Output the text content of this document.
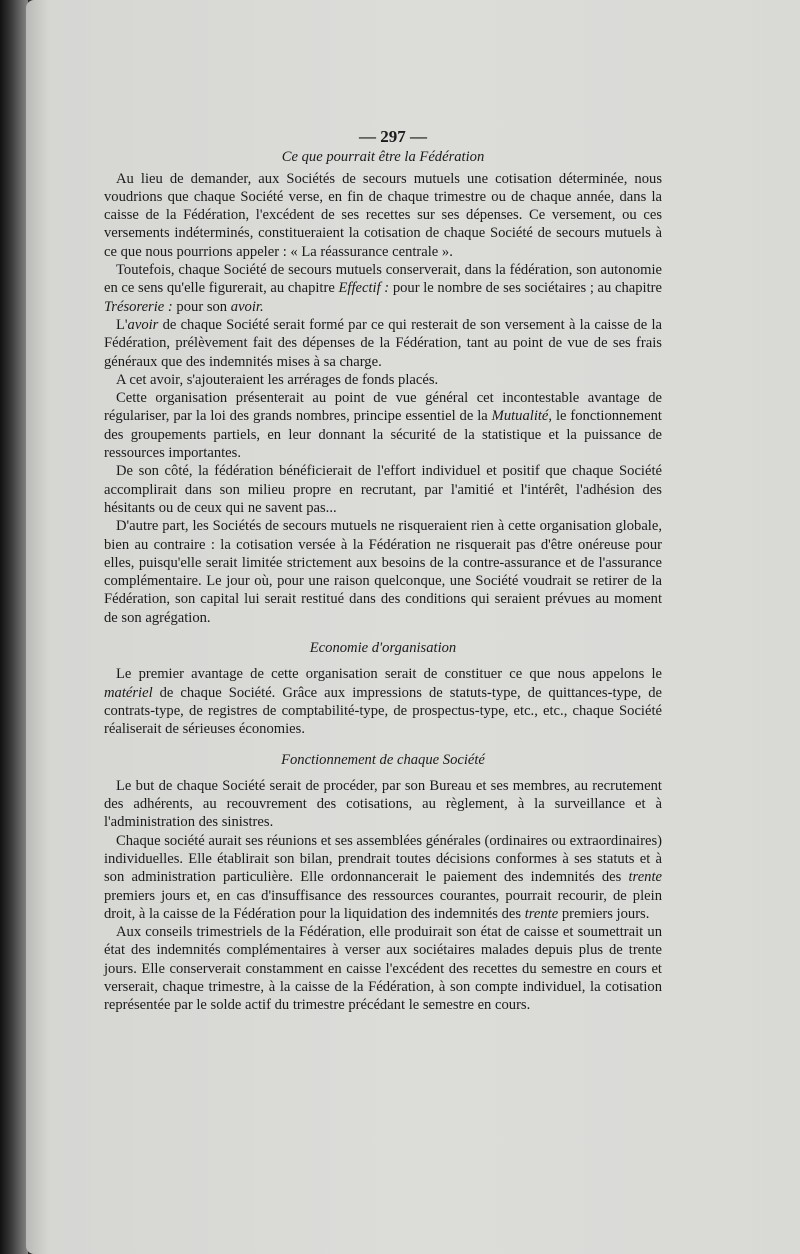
— 297 —
Ce que pourrait être la Fédération

Au lieu de demander, aux Sociétés de secours mutuels une cotisation déterminée, nous voudrions que chaque Société verse, en fin de chaque trimestre ou de chaque année, dans la caisse de la Fédération, l'excédent de ses recettes sur ses dépenses. Ce versement, ou ces versements indéterminés, constitueraient la cotisation de chaque Société de secours mutuels à ce que nous pourrions appeler : « La réassurance centrale ».

Toutefois, chaque Société de secours mutuels conserverait, dans la fédération, son autonomie en ce sens qu'elle figurerait, au chapitre Effectif : pour le nombre de ses sociétaires ; au chapitre Trésorerie : pour son avoir.

L'avoir de chaque Société serait formé par ce qui resterait de son versement à la caisse de la Fédération, prélèvement fait des dépenses de la Fédération, tant au point de vue de ses frais généraux que des indemnités mises à sa charge.

A cet avoir, s'ajouteraient les arrérages de fonds placés.

Cette organisation présenterait au point de vue général cet incontestable avantage de régulariser, par la loi des grands nombres, principe essentiel de la Mutualité, le fonctionnement des groupements partiels, en leur donnant la sécurité de la statistique et la puissance de ressources importantes.

De son côté, la fédération bénéficierait de l'effort individuel et positif que chaque Société accomplirait dans son milieu propre en recrutant, par l'amitié et l'intérêt, l'adhésion des hésitants ou de ceux qui ne savent pas...

D'autre part, les Sociétés de secours mutuels ne risqueraient rien à cette organisation globale, bien au contraire : la cotisation versée à la Fédération ne risquerait pas d'être onéreuse pour elles, puisqu'elle serait limitée strictement aux besoins de la contre-assurance et de l'assurance complémentaire. Le jour où, pour une raison quelconque, une Société voudrait se retirer de la Fédération, son capital lui serait restitué dans des conditions qui seraient prévues au moment de son agrégation.

Economie d'organisation

Le premier avantage de cette organisation serait de constituer ce que nous appelons le matériel de chaque Société. Grâce aux impressions de statuts-type, de quittances-type, de contrats-type, de registres de comptabilité-type, de prospectus-type, etc., etc., chaque Société réaliserait de sérieuses économies.

Fonctionnement de chaque Société

Le but de chaque Société serait de procéder, par son Bureau et ses membres, au recrutement des adhérents, au recouvrement des cotisations, au règlement, à la surveillance et à l'administration des sinistres.

Chaque société aurait ses réunions et ses assemblées générales (ordinaires ou extraordinaires) individuelles. Elle établirait son bilan, prendrait toutes décisions conformes à ses statuts et à son administration particulière. Elle ordonnancerait le paiement des indemnités des trente premiers jours et, en cas d'insuffisance des ressources courantes, pourrait recourir, de plein droit, à la caisse de la Fédération pour la liquidation des indemnités des trente premiers jours.

Aux conseils trimestriels de la Fédération, elle produirait son état de caisse et soumettrait un état des indemnités complémentaires à verser aux sociétaires malades depuis plus de trente jours. Elle conserverait constamment en caisse l'excédent des recettes du semestre en cours et verserait, chaque trimestre, à la caisse de la Fédération, à son compte individuel, la cotisation représentée par le solde actif du trimestre précédant le semestre en cours.
